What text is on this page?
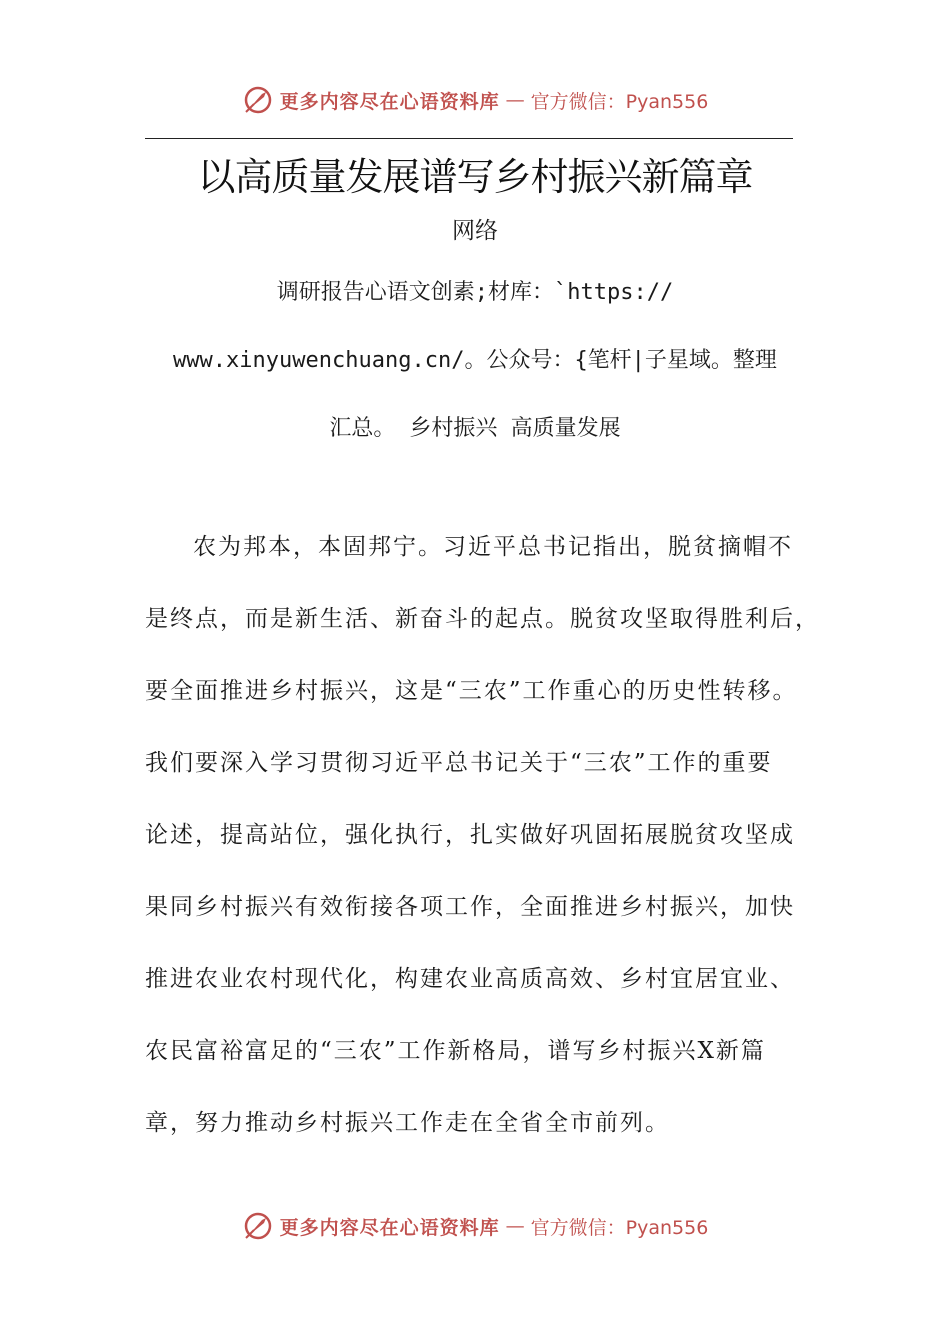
更多内容尽在心语资料库 — 官方微信：Pyan556
以高质量发展谱写乡村振兴新篇章
网络
调研报告心语文创素;材库：`https://
www.xinyuwenchuang.cn/。公众号：{笔杆|子星域。整理
汇总。 乡村振兴 高质量发展
农为邦本，本固邦宁。习近平总书记指出，脱贫摘帽不
是终点，而是新生活、新奋斗的起点。脱贫攻坚取得胜利后，
要全面推进乡村振兴，这是“三农”工作重心的历史性转移。
我们要深入学习贯彻习近平总书记关于“三农”工作的重要
论述，提高站位，强化执行，扎实做好巩固拓展脱贫攻坚成
果同乡村振兴有效衔接各项工作，全面推进乡村振兴，加快
推进农业农村现代化，构建农业高质高效、乡村宜居宜业、
农民富裕富足的“三农”工作新格局，谱写乡村振兴X新篇
章，努力推动乡村振兴工作走在全省全市前列。
更多内容尽在心语资料库 — 官方微信：Pyan556
